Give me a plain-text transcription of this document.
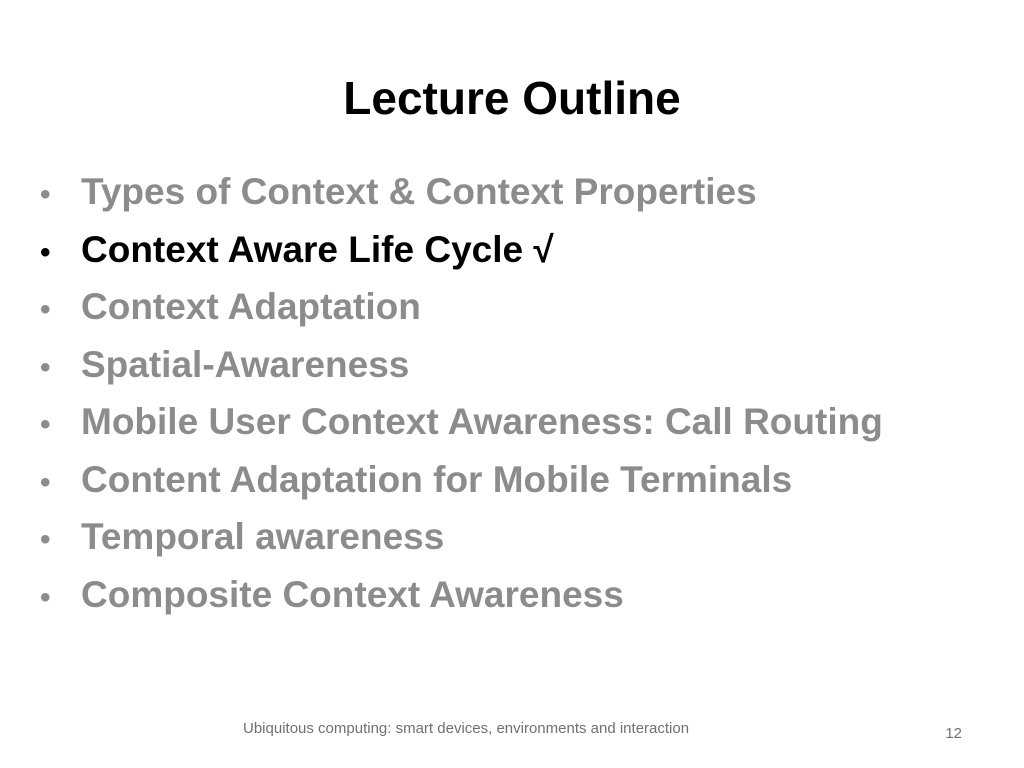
Lecture Outline
• Types of Context & Context Properties
• Context Aware Life Cycle √
• Context Adaptation
• Spatial-Awareness
• Mobile User Context Awareness: Call Routing
• Content Adaptation for Mobile Terminals
• Temporal awareness
• Composite Context Awareness
Ubiquitous computing: smart devices, environments and interaction	12
